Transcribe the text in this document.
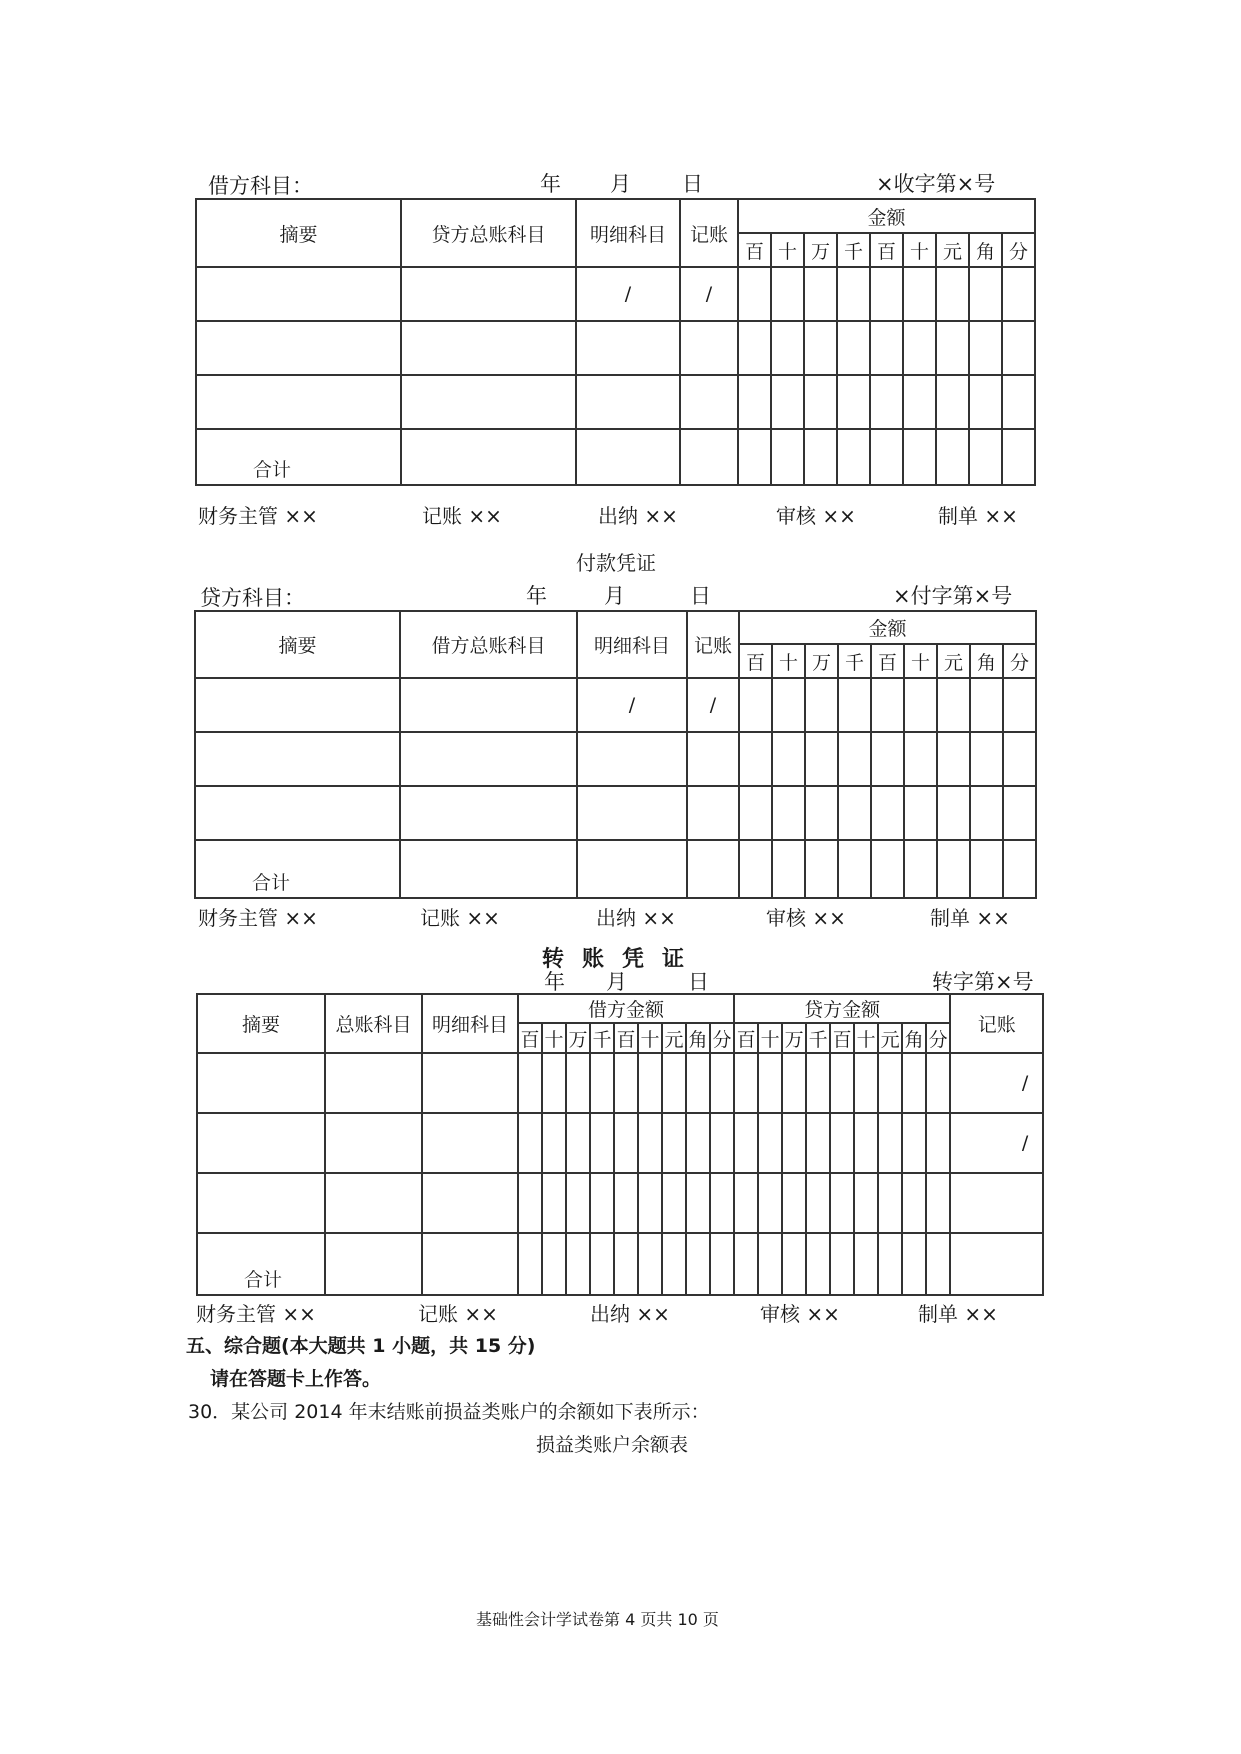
借方科目：	年 月 日	×收字第×号
摘要	贷方总账科目	明细科目	记账	金额								
				百	十	万	千	百	十	元	角	分
		/	/									

合计												
财务主管 ××	记账 ××	出纳 ××	审核 ××	制单 ××
付款凭证
贷方科目：	年	月	日	×付字第×号
摘要	借方总账科目	明细科目	记账	金额								
				百	十	万	千	百	十	元	角	分
		/	/									

合计												
财务主管 ××	记账 ××	出纳 ××	审核 ××	制单 ××
转账凭证
年 月	日	转字第×号
摘要	总账科目	明细科目	借方金额									贷方金额									记账
			百	十	万	千	百	十	元	角	分	百	十	万	千	百	十	元	角	分	
																					/
																					/

合计																					
财务主管 ××	记账 ××	出纳 ××	审核 ××	制单 ××
五、综合题(本大题共 1 小题，共 15 分)
请在答题卡上作答。
30．某公司 2014 年末结账前损益类账户的余额如下表所示：
损益类账户余额表
基础性会计学试卷第 4 页共 10 页
